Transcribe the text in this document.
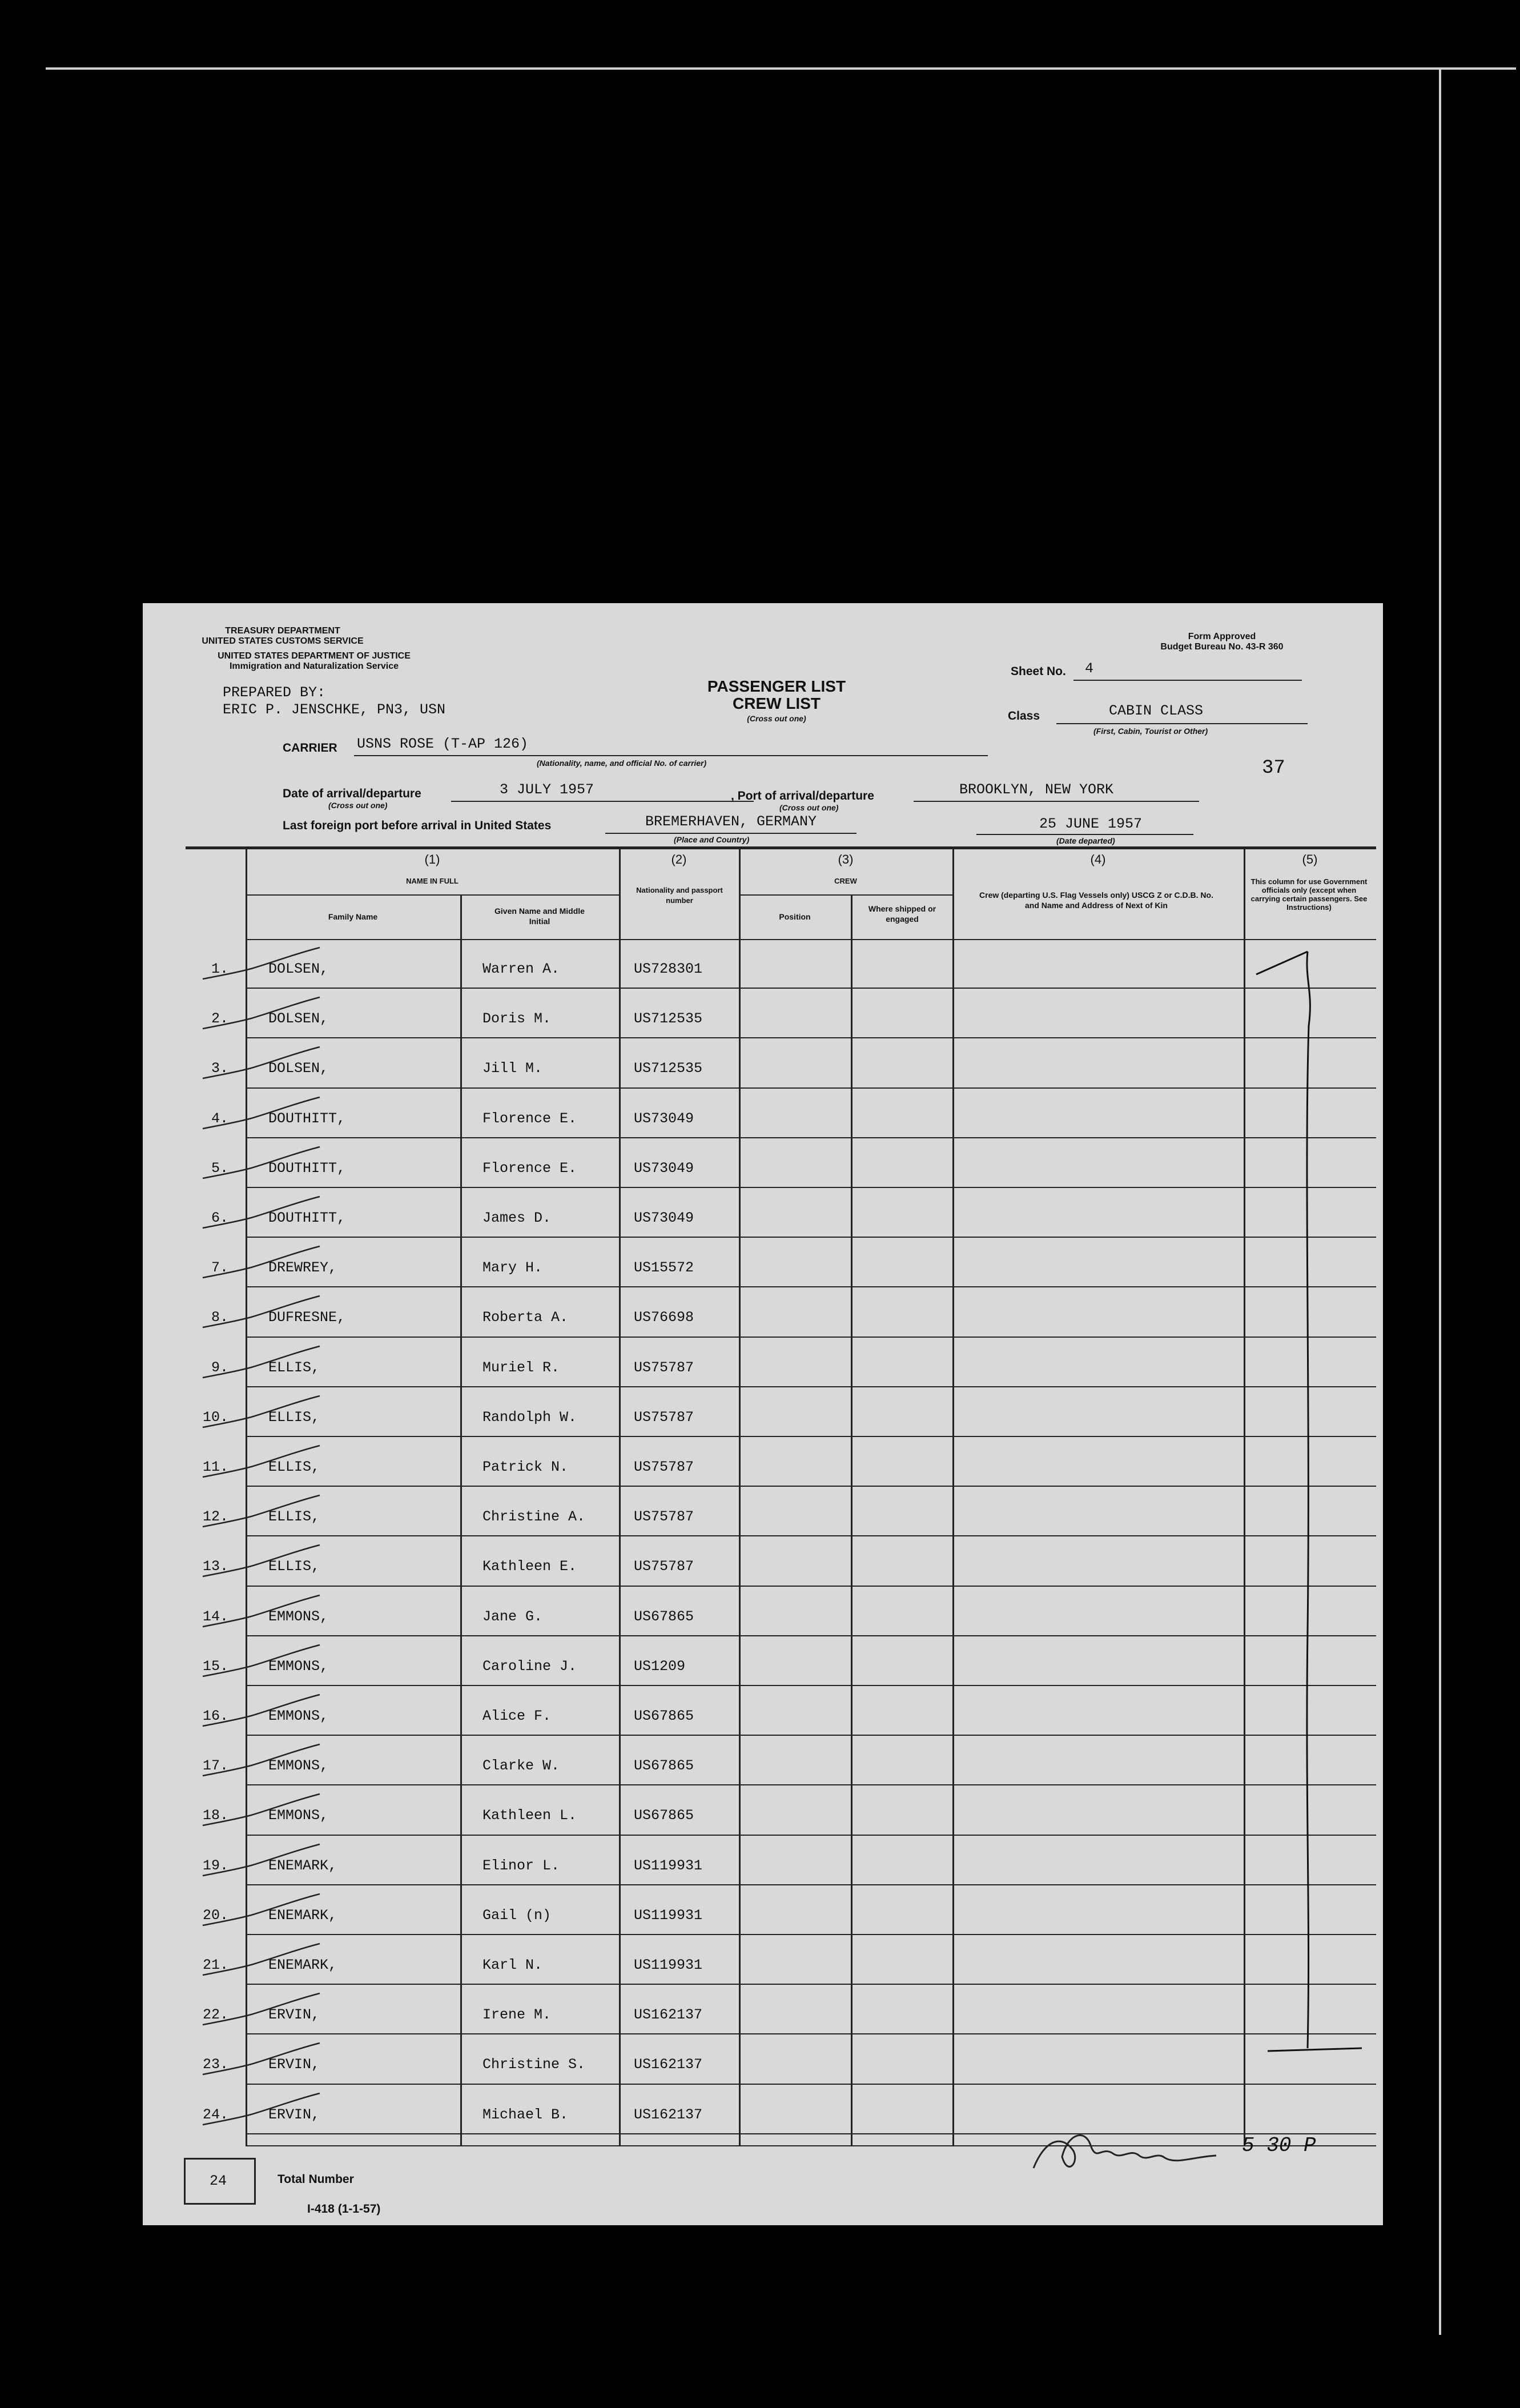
TREASURY DEPARTMENT
UNITED STATES CUSTOMS SERVICE
UNITED STATES DEPARTMENT OF JUSTICE
Immigration and Naturalization Service
Form Approved
Budget Bureau No. 43-R 360
Sheet No. 4
PREPARED BY:
ERIC P. JENSCHKE, PN3, USN
PASSENGER LIST
CREW LIST
(Cross out one)	Class	CABIN CLASS
(First, Cabin, Tourist or Other)
CARRIER USNS ROSE (T-AP 126)
(Nationality, name, and official No. of carrier)	37
Date of arrival/departure	3 JULY 1957
(Cross out one)
, Port of arrival/departure	BROOKLYN, NEW YORK
(Cross out one)
Last foreign port before arrival in United States	BREMERHAVEN, GERMANY
(Place and Country)
25 JUNE 1957
(Date departed)
(1)
NAME IN FULL
Family Name
Given Name and Middle Initial
(2)
Nationality and passport number
(3)
CREW
Position
Where shipped or engaged
(4)
Crew (departing U.S. Flag Vessels only) USCG Z or C.D.B. No. and Name and Address of Next of Kin
(5)
This column for use Government officials only (except when carrying certain passengers. See Instructions)
1.	DOLSEN,	Warren A.	US728301
2.	DOLSEN,	Doris M.	US712535
3.	DOLSEN,	Jill M.	US712535
4.	DOUTHITT,	Florence E.	US73049
5.	DOUTHITT,	Florence E.	US73049
6.	DOUTHITT,	James D.	US73049
7.	DREWREY,	Mary H.	US15572
8.	DUFRESNE,	Roberta A.	US76698
9.	ELLIS,	Muriel R.	US75787
10.	ELLIS,	Randolph W.	US75787
11.	ELLIS,	Patrick N.	US75787
12.	ELLIS,	Christine A.	US75787
13.	ELLIS,	Kathleen E.	US75787
14.	EMMONS,	Jane G.	US67865
15.	EMMONS,	Caroline J.	US1209
16.	EMMONS,	Alice F.	US67865
17.	EMMONS,	Clarke W.	US67865
18.	EMMONS,	Kathleen L.	US67865
19.	ENEMARK,	Elinor L.	US119931
20.	ENEMARK,	Gail (n)	US119931
21.	ENEMARK,	Karl N.	US119931
22.	ERVIN,	Irene M.	US162137
23.	ERVIN,	Christine S.	US162137
24.	ERVIN,	Michael B.	US162137
24	Total Number
I-418 (1-1-57)
5 30 P
